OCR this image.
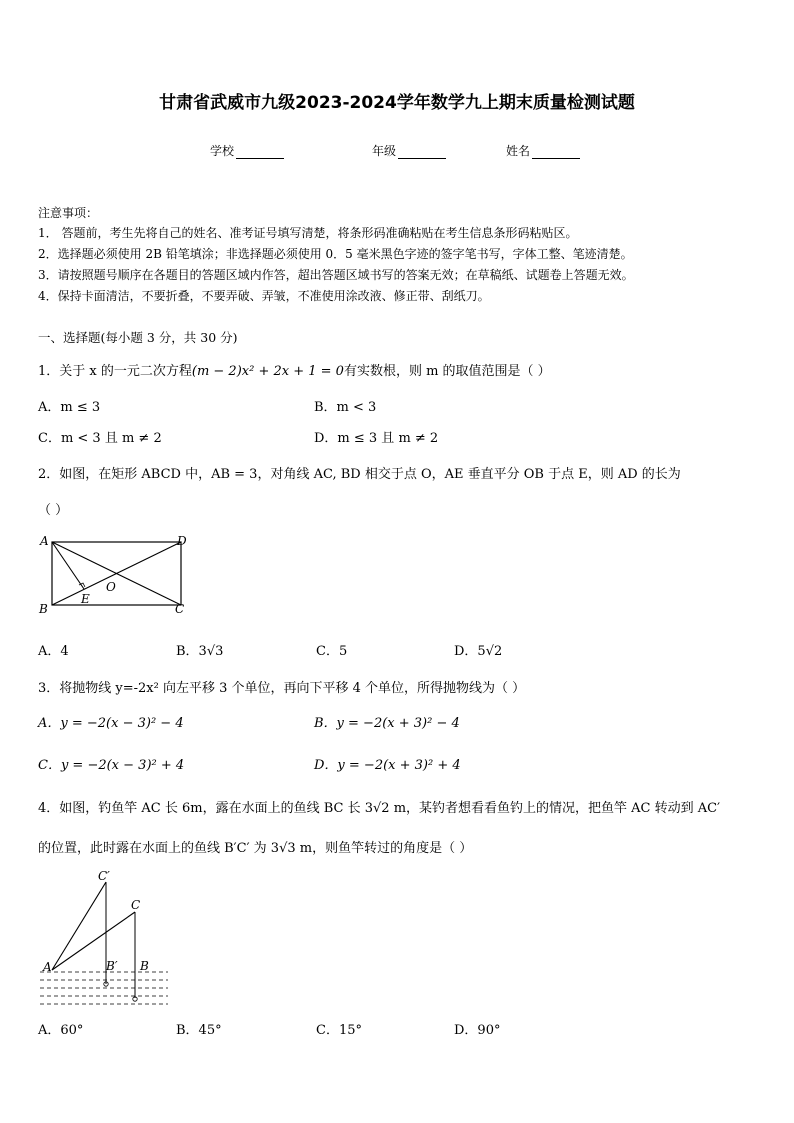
甘肃省武威市九级2023-2024学年数学九上期末质量检测试题
学校	年级	姓名
注意事项：
1． 答题前，考生先将自己的姓名、准考证号填写清楚，将条形码准确粘贴在考生信息条形码粘贴区。
2．选择题必须使用 2B 铅笔填涂；非选择题必须使用 0．5 毫米黑色字迹的签字笔书写，字体工整、笔迹清楚。
3．请按照题号顺序在各题目的答题区域内作答，超出答题区域书写的答案无效；在草稿纸、试题卷上答题无效。
4．保持卡面清洁，不要折叠，不要弄破、弄皱，不准使用涂改液、修正带、刮纸刀。
一、选择题(每小题 3 分，共 30 分)
1．关于 x 的一元二次方程(m − 2)x² + 2x + 1 = 0有实数根，则 m 的取值范围是（ ）
A．m ≤ 3	B．m < 3
C．m < 3 且 m ≠ 2	D．m ≤ 3 且 m ≠ 2
2．如图，在矩形 ABCD 中，AB = 3，对角线 AC, BD 相交于点 O，AE 垂直平分 OB 于点 E，则 AD 的长为
（ ）
A	D
B	C
O
E
A．4	B．3√3	C．5	D．5√2
3．将抛物线 y=-2x² 向左平移 3 个单位，再向下平移 4 个单位，所得抛物线为（ ）
A．y = −2(x − 3)² − 4	B．y = −2(x + 3)² − 4
C．y = −2(x − 3)² + 4	D．y = −2(x + 3)² + 4
4．如图，钓鱼竿 AC 长 6m，露在水面上的鱼线 BC 长 3√2 m，某钓者想看看鱼钓上的情况，把鱼竿 AC 转动到 AC′
的位置，此时露在水面上的鱼线 B′C′ 为 3√3 m，则鱼竿转过的角度是（ ）
A
C′
C
B′ B
A．60°	B．45°	C．15°	D．90°
